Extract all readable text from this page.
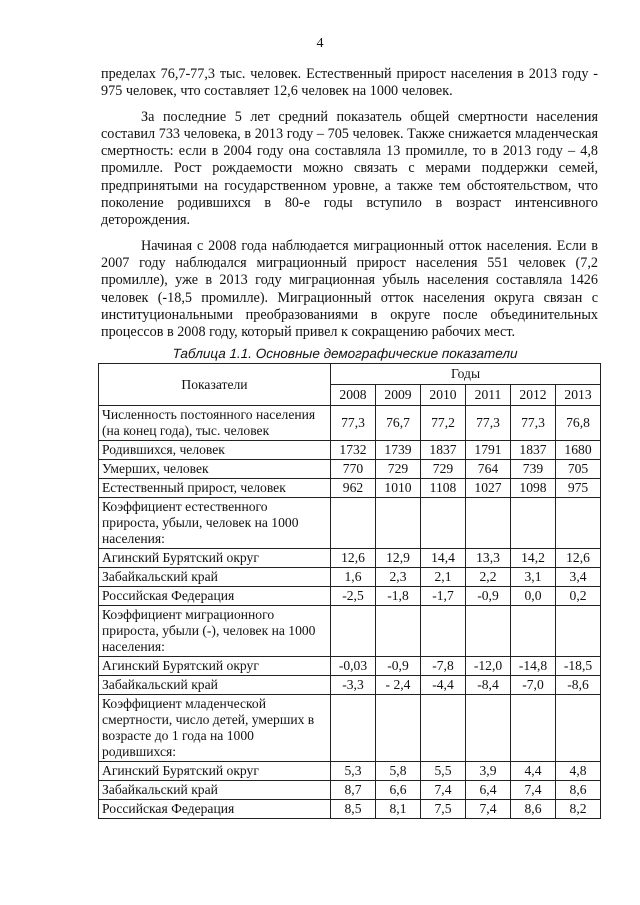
4

пределах 76,7-77,3 тыс. человек. Естественный прирост населения в 2013 году - 975 человек, что составляет 12,6 человек на 1000 человек.

За последние 5 лет средний показатель общей смертности населения составил 733 человека, в 2013 году – 705 человек. Также снижается младенческая смертность: если в 2004 году она составляла 13 промилле, то в 2013 году – 4,8 промилле. Рост рождаемости можно связать с мерами поддержки семей, предпринятыми на государственном уровне, а также тем обстоятельством, что поколение родившихся в 80-е годы вступило в возраст интенсивного деторождения.

Начиная с 2008 года наблюдается миграционный отток населения. Если в 2007 году наблюдался миграционный прирост населения 551 человек (7,2 промилле), уже в 2013 году миграционная убыль населения составляла 1426 человек (-18,5 промилле). Миграционный отток населения округа связан с институциональными преобразованиями в округе после объединительных процессов в 2008 году, который привел к сокращению рабочих мест.

Таблица 1.1. Основные демографические показатели
Показатели	Годы					
	2008	2009	2010	2011	2012	2013
Численность постоянного населения (на конец года), тыс. человек	77,3	76,7	77,2	77,3	77,3	76,8
Родившихся, человек	1732	1739	1837	1791	1837	1680
Умерших, человек	770	729	729	764	739	705
Естественный прирост, человек	962	1010	1108	1027	1098	975
Коэффициент естественного прироста, убыли, человек на 1000 населения:						
Агинский Бурятский округ	12,6	12,9	14,4	13,3	14,2	12,6
Забайкальский край	1,6	2,3	2,1	2,2	3,1	3,4
Российская Федерация	-2,5	-1,8	-1,7	-0,9	0,0	0,2
Коэффициент миграционного прироста, убыли (-), человек на 1000 населения:						
Агинский Бурятский округ	-0,03	-0,9	-7,8	-12,0	-14,8	-18,5
Забайкальский край	-3,3	- 2,4	-4,4	-8,4	-7,0	-8,6
Коэффициент младенческой смертности, число детей, умерших в возрасте до 1 года на 1000 родившихся:						
Агинский Бурятский округ	5,3	5,8	5,5	3,9	4,4	4,8
Забайкальский край	8,7	6,6	7,4	6,4	7,4	8,6
Российская Федерация	8,5	8,1	7,5	7,4	8,6	8,2
